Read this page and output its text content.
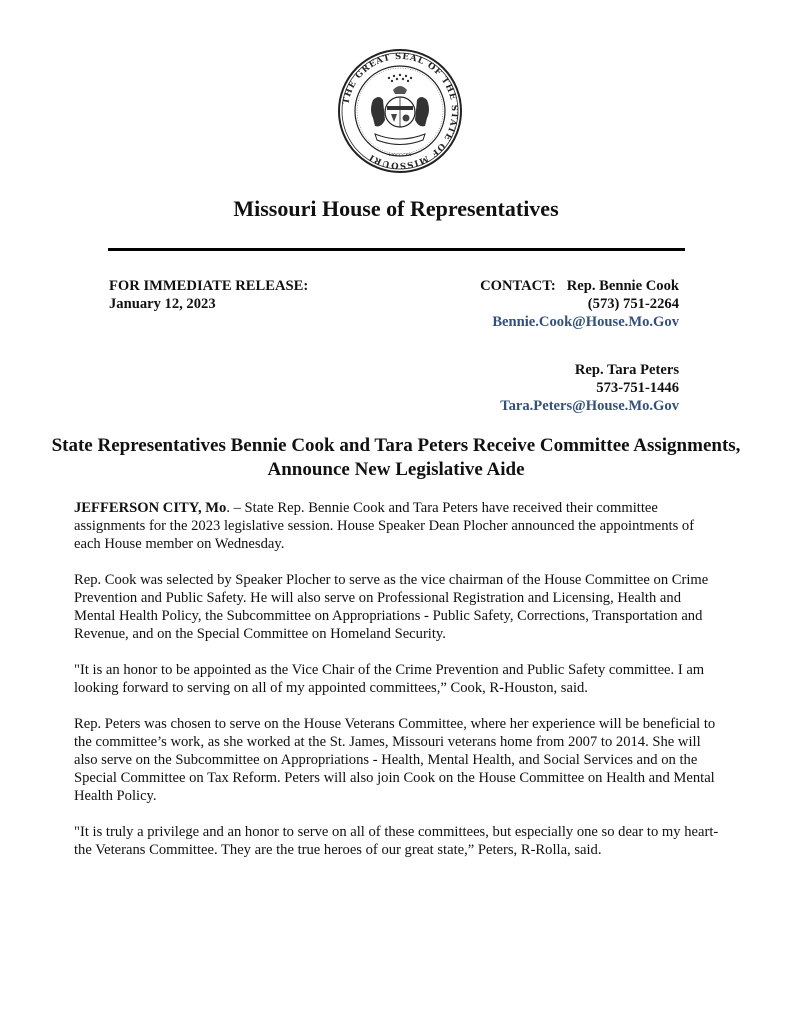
MDCCCXX
THE GREAT SEAL OF THE STATE OF MISSOURI
Missouri House of Representatives
FOR IMMEDIATE RELEASE:
January 12, 2023
CONTACT: Rep. Bennie Cook
(573) 751-2264
Bennie.Cook@House.Mo.Gov
Rep. Tara Peters
573-751-1446
Tara.Peters@House.Mo.Gov
State Representatives Bennie Cook and Tara Peters Receive Committee Assignments, Announce New Legislative Aide

JEFFERSON CITY, Mo. – State Rep. Bennie Cook and Tara Peters have received their committee assignments for the 2023 legislative session. House Speaker Dean Plocher announced the appointments of each House member on Wednesday.

Rep. Cook was selected by Speaker Plocher to serve as the vice chairman of the House Committee on Crime Prevention and Public Safety. He will also serve on Professional Registration and Licensing, Health and Mental Health Policy, the Subcommittee on Appropriations - Public Safety, Corrections, Transportation and Revenue, and on the Special Committee on Homeland Security.

"It is an honor to be appointed as the Vice Chair of the Crime Prevention and Public Safety committee. I am looking forward to serving on all of my appointed committees,” Cook, R-Houston, said.

Rep. Peters was chosen to serve on the House Veterans Committee, where her experience will be beneficial to the committee’s work, as she worked at the St. James, Missouri veterans home from 2007 to 2014. She will also serve on the Subcommittee on Appropriations - Health, Mental Health, and Social Services and on the Special Committee on Tax Reform. Peters will also join Cook on the House Committee on Health and Mental Health Policy.

"It is truly a privilege and an honor to serve on all of these committees, but especially one so dear to my heart- the Veterans Committee. They are the true heroes of our great state,” Peters, R-Rolla, said.
